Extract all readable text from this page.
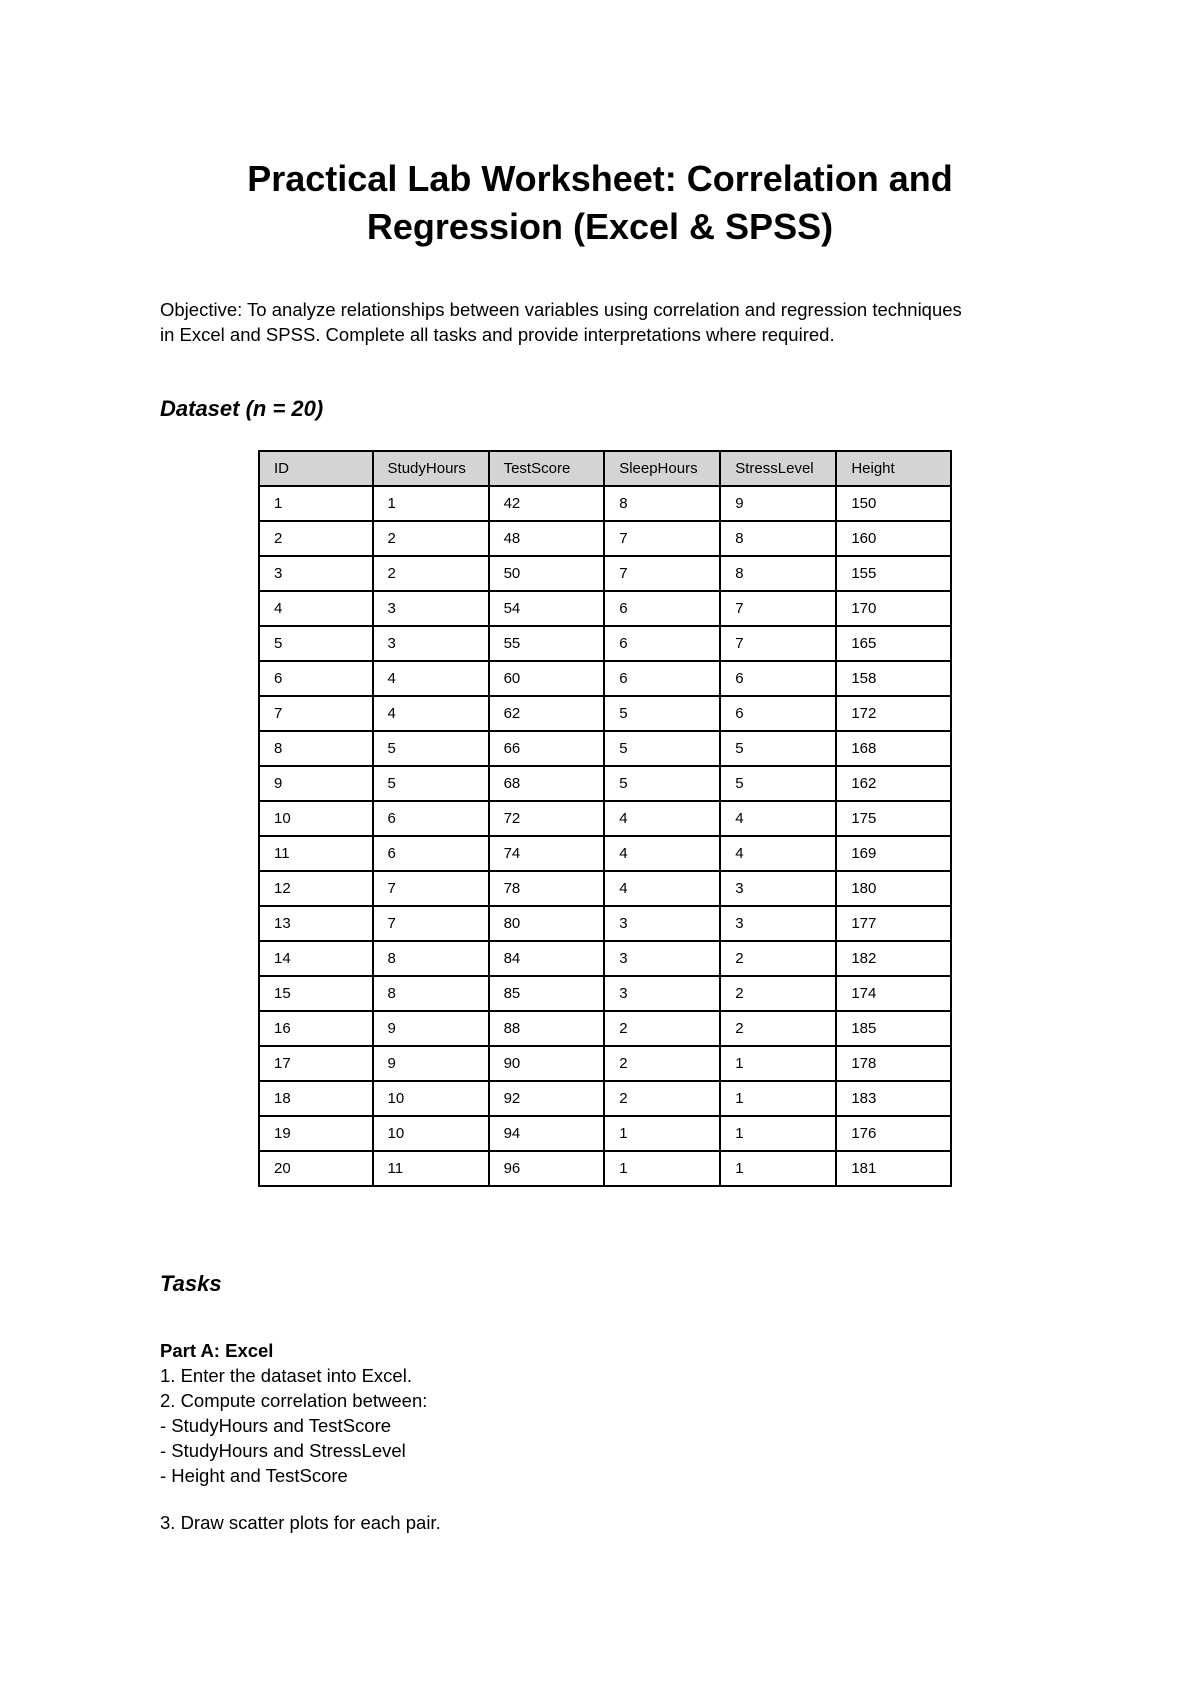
Practical Lab Worksheet: Correlation and
Regression (Excel & SPSS)
Objective: To analyze relationships between variables using correlation and regression techniques
in Excel and SPSS. Complete all tasks and provide interpretations where required.
Dataset (n = 20)
ID	StudyHours	TestScore	SleepHours	StressLevel	Height
1	1	42	8	9	150
2	2	48	7	8	160
3	2	50	7	8	155
4	3	54	6	7	170
5	3	55	6	7	165
6	4	60	6	6	158
7	4	62	5	6	172
8	5	66	5	5	168
9	5	68	5	5	162
10	6	72	4	4	175
11	6	74	4	4	169
12	7	78	4	3	180
13	7	80	3	3	177
14	8	84	3	2	182
15	8	85	3	2	174
16	9	88	2	2	185
17	9	90	2	1	178
18	10	92	2	1	183
19	10	94	1	1	176
20	11	96	1	1	181
Tasks
Part A: Excel
1. Enter the dataset into Excel.
2. Compute correlation between:
- StudyHours and TestScore
- StudyHours and StressLevel
- Height and TestScore
3. Draw scatter plots for each pair.
